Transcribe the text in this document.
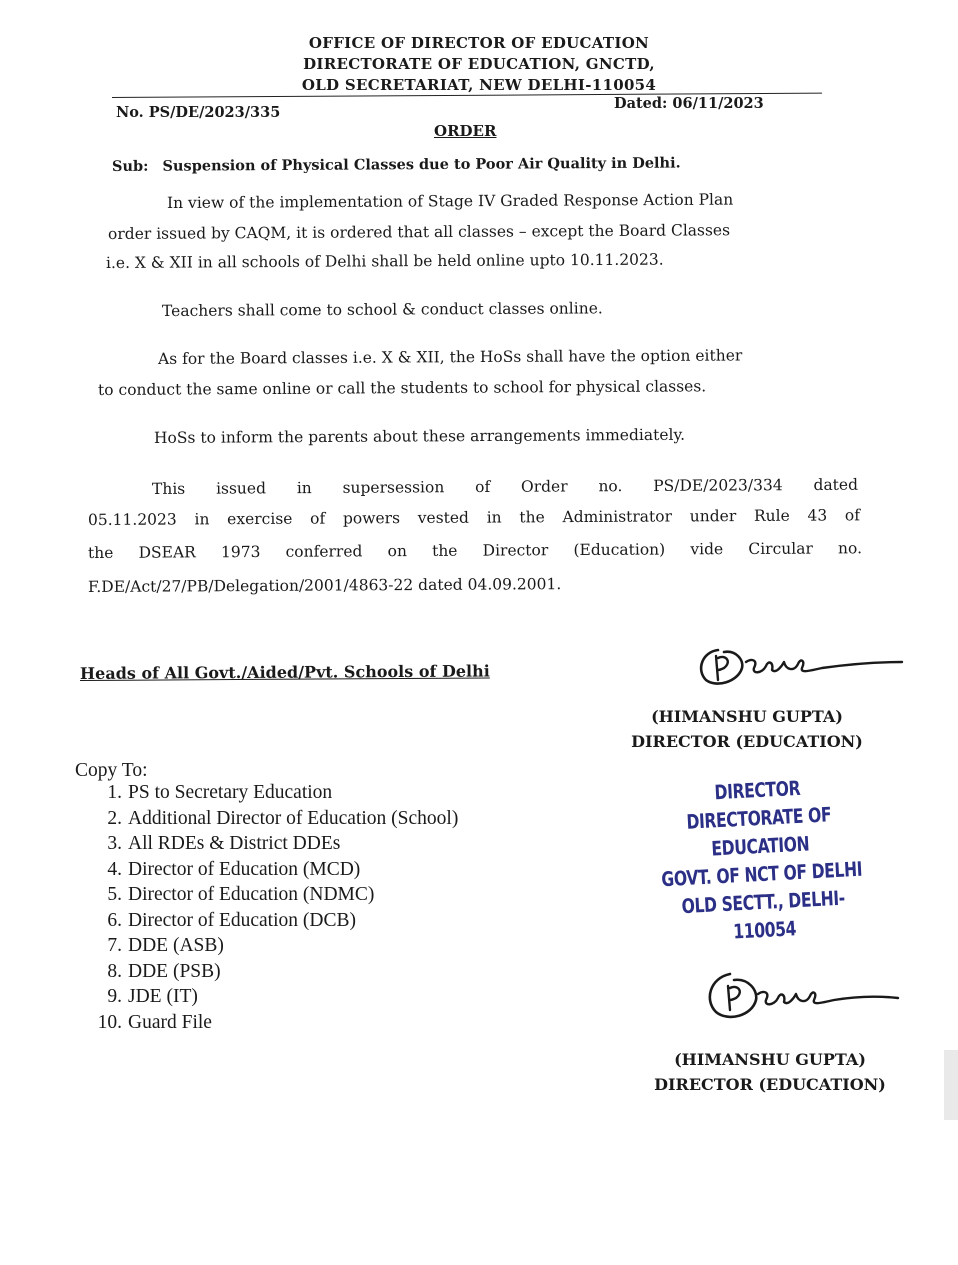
OFFICE OF DIRECTOR OF EDUCATION
DIRECTORATE OF EDUCATION, GNCTD,
OLD SECRETARIAT, NEW DELHI-110054
No. PS/DE/2023/335
Dated: 06/11/2023
ORDER
Sub: Suspension of Physical Classes due to Poor Air Quality in Delhi.
In view of the implementation of Stage IV Graded Response Action Plan
order issued by CAQM, it is ordered that all classes – except the Board Classes
i.e. X & XII in all schools of Delhi shall be held online upto 10.11.2023.
Teachers shall come to school & conduct classes online.
As for the Board classes i.e. X & XII, the HoSs shall have the option either
to conduct the same online or call the students to school for physical classes.
HoSs to inform the parents about these arrangements immediately.
This issued in supersession of Order no. PS/DE/2023/334 dated
05.11.2023 in exercise of powers vested in the Administrator under Rule 43 of
the DSEAR 1973 conferred on the Director (Education) vide Circular no.
F.DE/Act/27/PB/Delegation/2001/4863-22 dated 04.09.2001.
Heads of All Govt./Aided/Pvt. Schools of Delhi
(HIMANSHU GUPTA)
DIRECTOR (EDUCATION)
DIRECTOR
DIRECTORATE OF EDUCATION
GOVT. OF NCT OF DELHI
OLD SECTT., DELHI-110054
Copy To:
1. PS to Secretary Education
2. Additional Director of Education (School)
3. All RDEs & District DDEs
4. Director of Education (MCD)
5. Director of Education (NDMC)
6. Director of Education (DCB)
7. DDE (ASB)
8. DDE (PSB)
9. JDE (IT)
10. Guard File
(HIMANSHU GUPTA)
DIRECTOR (EDUCATION)
